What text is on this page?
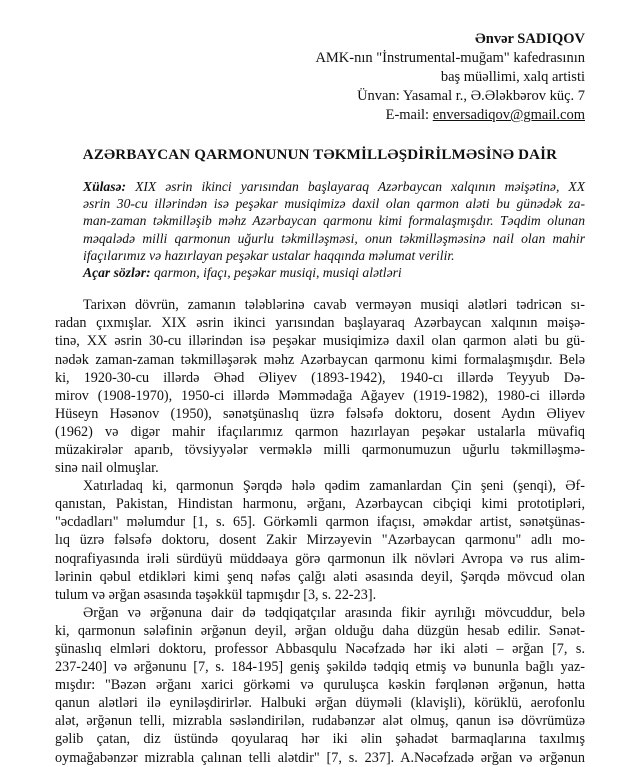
Ənvər SADIQOV
AMK-nın "İnstrumental-muğam" kafedrasının
baş müəllimi, xalq artisti
Ünvan: Yasamal r., Ə.Ələkbərov küç. 7
E-mail: enversadiqov@gmail.com
AZƏRBAYCAN QARMONUNUN TƏKMİLLƏŞDİRİLMƏSİNƏ DAİR
Xülasə: XIX əsrin ikinci yarısından başlayaraq Azərbaycan xalqının məişətinə, XX
əsrin 30-cu illərindən isə peşəkar musiqimizə daxil olan qarmon aləti bu günədək za-
man-zaman təkmilləşib məhz Azərbaycan qarmonu kimi formalaşmışdır. Təqdim olunan
məqalədə milli qarmonun uğurlu təkmilləşməsi, onun təkmilləşməsinə nail olan mahir
ifaçılarımız və hazırlayan peşəkar ustalar haqqında məlumat verilir.
Açar sözlər: qarmon, ifaçı, peşəkar musiqi, musiqi alətləri
Tarixən dövrün, zamanın tələblərinə cavab verməyən musiqi alətləri tədricən sı-
radan çıxmışlar. XIX əsrin ikinci yarısından başlayaraq Azərbaycan xalqının məişə-
tinə, XX əsrin 30-cu illərindən isə peşəkar musiqimizə daxil olan qarmon aləti bu gü-
nədək zaman-zaman təkmilləşərək məhz Azərbaycan qarmonu kimi formalaşmışdır. Belə
ki, 1920-30-cu illərdə Əhəd Əliyev (1893-1942), 1940-cı illərdə Teyyub Də-
mirov (1908-1970), 1950-ci illərdə Məmmədağa Ağayev (1919-1982), 1980-ci illərdə
Hüseyn Həsənov (1950), sənətşünaslıq üzrə fəlsəfə doktoru, dosent Aydın Əliyev
(1962) və digər mahir ifaçılarımız qarmon hazırlayan peşəkar ustalarla müvafiq
müzakirələr aparıb, tövsiyyələr verməklə milli qarmonumuzun uğurlu təkmilləşmə-
sinə nail olmuşlar.
Xatırladaq ki, qarmonun Şərqdə hələ qədim zamanlardan Çin şeni (şenqi), Əf-
qanıstan, Pakistan, Hindistan harmonu, ərğanı, Azərbaycan cibçiqi kimi prototipləri,
"əcdadları" məlumdur [1, s. 65]. Görkəmli qarmon ifaçısı, əməkdar artist, sənətşünas-
lıq üzrə fəlsəfə doktoru, dosent Zakir Mirzəyevin "Azərbaycan qarmonu" adlı mo-
noqrafiyasında irəli sürdüyü müddəaya görə qarmonun ilk növləri Avropa və rus alim-
lərinin qəbul etdikləri kimi şenq nəfəs çalğı aləti əsasında deyil, Şərqdə mövcud olan
tulum və ərğan əsasında təşəkkül tapmışdır [3, s. 22-23].
Ərğan və ərğənuna dair də tədqiqatçılar arasında fikir ayrılığı mövcuddur, belə
ki, qarmonun sələfinin ərğənun deyil, ərğan olduğu daha düzgün hesab edilir. Sənət-
şünaslıq elmləri doktoru, professor Abbasqulu Nəcəfzadə hər iki aləti – ərğan [7, s.
237-240] və ərğənunu [7, s. 184-195] geniş şəkildə tədqiq etmiş və bununla bağlı yaz-
mışdır: "Bəzən ərğanı xarici görkəmi və quruluşca kəskin fərqlənən ərğənun, hətta
qanun alətləri ilə eyniləşdirirlər. Halbuki ərğan düyməli (klavişli), körüklü, aerofonlu
alət, ərğənun telli, mizrabla səsləndirilən, rudabənzər alət olmuş, qanun isə dövrümüzə
gəlib çatan, diz üstündə qoyularaq hər iki əlin şəhadət barmaqlarına taxılmış
oymağabənzər mizrabla çalınan telli alətdir" [7, s. 237]. A.Nəcəfzadə ərğan və ərğənun
